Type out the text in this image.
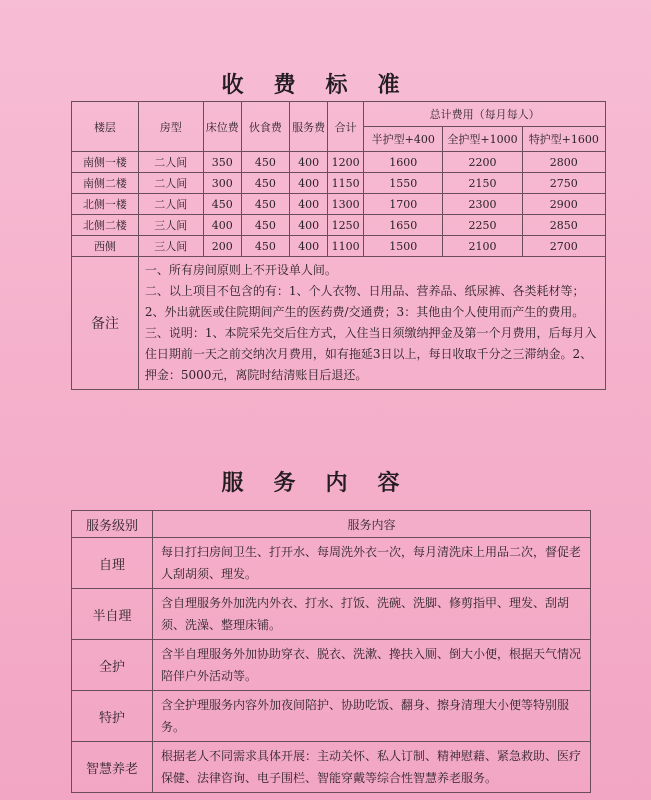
收费标准
楼层	房型	床位费	伙食费	服务费	合计	总计费用（每月每人）		
						半护型+400	全护型+1000	特护型+1600
南侧一楼	二人间	350	450	400	1200	1600	2200	2800
南侧二楼	二人间	300	450	400	1150	1550	2150	2750
北侧一楼	二人间	450	450	400	1300	1700	2300	2900
北侧二楼	三人间	400	450	400	1250	1650	2250	2850
西侧	三人间	200	450	400	1100	1500	2100	2700
备注	一、所有房间原则上不开设单人间。

二、以上项目不包含的有：1、个人衣物、日用品、营养品、纸尿裤、各类耗材等；2、外出就医或住院期间产生的医药费/交通费；3：其他由个人使用而产生的费用。

三、说明：1、本院采先交后住方式，入住当日须缴纳押金及第一个月费用，后每月入住日期前一天之前交纳次月费用，如有拖延3日以上，每日收取千分之三滞纳金。2、押金：5000元，离院时结清账目后退还。							

服务内容
服务级别	服务内容
自理	每日打扫房间卫生、打开水、每周洗外衣一次，每月清洗床上用品二次，督促老人刮胡须、理发。
半自理	含自理服务外加洗内外衣、打水、打饭、洗碗、洗脚、修剪指甲、理发、刮胡须、洗澡、整理床铺。
全护	含半自理服务外加协助穿衣、脱衣、洗漱、搀扶入厕、倒大小便，根据天气情况陪伴户外活动等。
特护	含全护理服务内容外加夜间陪护、协助吃饭、翻身、擦身清理大小便等特别服务。
智慧养老	根据老人不同需求具体开展：主动关怀、私人订制、精神慰藉、紧急救助、医疗保健、法律咨询、电子围栏、智能穿戴等综合性智慧养老服务。
